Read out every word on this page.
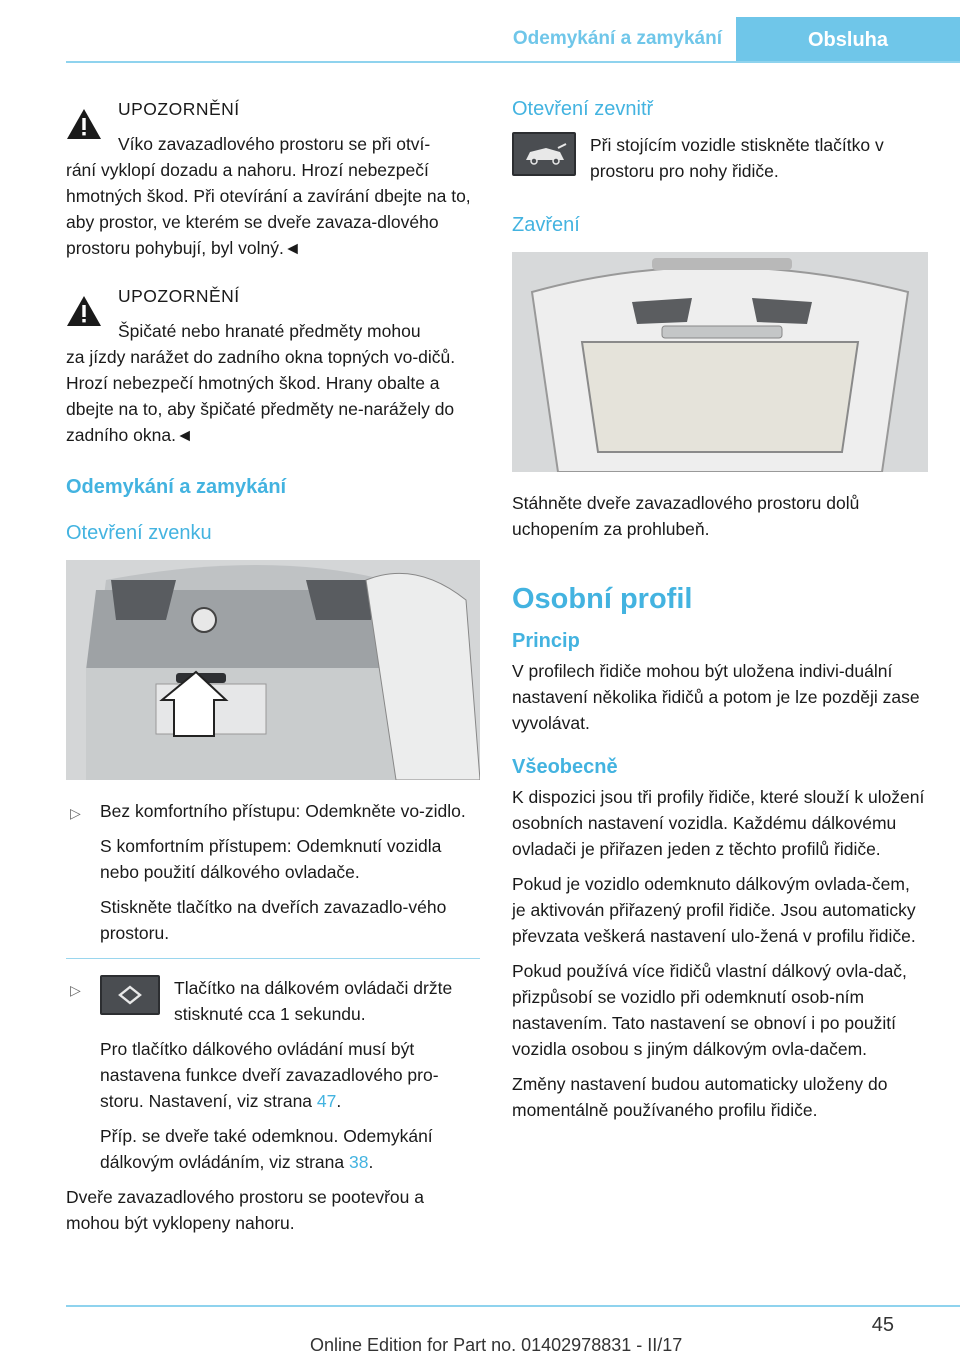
Odemykání a zamykání	Obsluha
UPOZORNĚNÍ
Víko zavazadlového prostoru se při otví‐
rání vyklopí dozadu a nahoru. Hrozí nebezpečí hmotných škod. Při otevírání a zavírání dbejte na to, aby prostor, ve kterém se dveře zavaza‐dlového prostoru pohybují, byl volný.◄
UPOZORNĚNÍ
Špičaté nebo hranaté předměty mohou
za jízdy narážet do zadního okna topných vo‐dičů. Hrozí nebezpečí hmotných škod. Hrany obalte a dbejte na to, aby špičaté předměty ne‐narážely do zadního okna.◄
Odemykání a zamykání
Otevření zvenku
▷ Bez komfortního přístupu: Odemkněte vo‐zidlo.

S komfortním přístupem: Odemknutí vozidla nebo použití dálkového ovladače.

Stiskněte tlačítko na dveřích zavazadlo‐vého prostoru.

▷	Tlačítko na dálkovém ovládači držte stisknuté cca 1 sekundu.

Pro tlačítko dálkového ovládání musí být nastavena funkce dveří zavazadlového pro‐storu. Nastavení, viz strana 47.

Příp. se dveře také odemknou. Odemykání dálkovým ovládáním, viz strana 38.

Dveře zavazadlového prostoru se pootevřou a mohou být vyklopeny nahoru.

Otevření zevnitř
Při stojícím vozidle stiskněte tlačítko v prostoru pro nohy řidiče.
Zavření

Stáhněte dveře zavazadlového prostoru dolů uchopením za prohlubeň.

Osobní profil
Princip

V profilech řidiče mohou být uložena indivi‐duální nastavení několika řidičů a potom je lze později zase vyvolávat.

Všeobecně

K dispozici jsou tři profily řidiče, které slouží k uložení osobních nastavení vozidla. Každému dálkovému ovladači je přiřazen jeden z těchto profilů řidiče.

Pokud je vozidlo odemknuto dálkovým ovlada‐čem, je aktivován přiřazený profil řidiče. Jsou automaticky převzata veškerá nastavení ulo‐žená v profilu řidiče.

Pokud používá více řidičů vlastní dálkový ovla‐dač, přizpůsobí se vozidlo při odemknutí osob‐ním nastavením. Tato nastavení se obnoví i po použití vozidla osobou s jiným dálkovým ovla‐dačem.

Změny nastavení budou automaticky uloženy do momentálně používaného profilu řidiče.

45
Online Edition for Part no. 01402978831 - II/17
